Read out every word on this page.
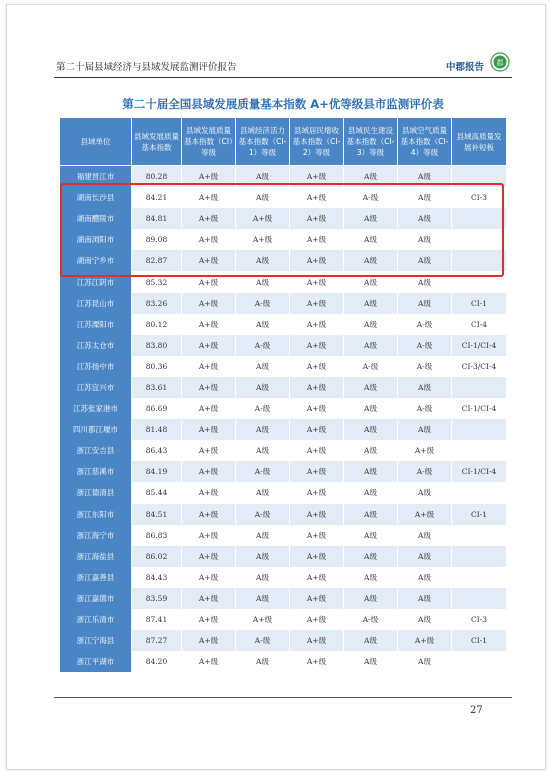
第二十届县域经济与县域发展监测评价报告	中郡报告 郡
第二十届全国县域发展质量基本指数 A+优等级县市监测评价表
县域单位	县域发展质量基本指数	县域发展质量基本指数（CI）等级	县域经济活力基本指数（CI-1）等级	县域居民增收基本指数（CI-2）等级	县域民生建设基本指数（CI-3）等级	县域空气质量基本指数（CI-4）等级	县域高质量发展补短板
福建晋江市	80.28	A+级	A级	A+级	A级	A级	
湖南长沙县	84.21	A+级	A级	A+级	A-级	A级	CI-3
湖南醴陵市	84.81	A+级	A+级	A+级	A级	A级	
湖南浏阳市	89.08	A+级	A+级	A+级	A级	A级	
湖南宁乡市	82.87	A+级	A级	A+级	A级	A级	
江苏江阴市	85.32	A+级	A级	A+级	A级	A级	
江苏昆山市	83.26	A+级	A-级	A+级	A级	A级	CI-1
江苏溧阳市	80.12	A+级	A级	A+级	A级	A-级	CI-4
江苏太仓市	83.80	A+级	A-级	A+级	A级	A-级	CI-1/CI-4
江苏扬中市	80.36	A+级	A级	A+级	A-级	A-级	CI-3/CI-4
江苏宜兴市	83.61	A+级	A级	A+级	A级	A级	
江苏张家港市	86.69	A+级	A-级	A+级	A级	A-级	CI-1/CI-4
四川都江堰市	81.48	A+级	A级	A+级	A级	A级	
浙江安吉县	86.43	A+级	A级	A+级	A级	A+级	
浙江慈溪市	84.19	A+级	A-级	A+级	A级	A-级	CI-1/CI-4
浙江德清县	85.44	A+级	A级	A+级	A级	A级	
浙江东阳市	84.51	A+级	A-级	A+级	A级	A+级	CI-1
浙江海宁市	86.83	A+级	A级	A+级	A级	A级	
浙江海盐县	86.02	A+级	A级	A+级	A级	A级	
浙江嘉善县	84.43	A+级	A级	A+级	A级	A级	
浙江嘉德市	83.59	A+级	A级	A+级	A级	A级	
浙江乐清市	87.41	A+级	A+级	A+级	A-级	A级	CI-3
浙江宁海县	87.27	A+级	A-级	A+级	A级	A+级	CI-1
浙江平湖市	84.20	A+级	A级	A+级	A级	A级	
27
